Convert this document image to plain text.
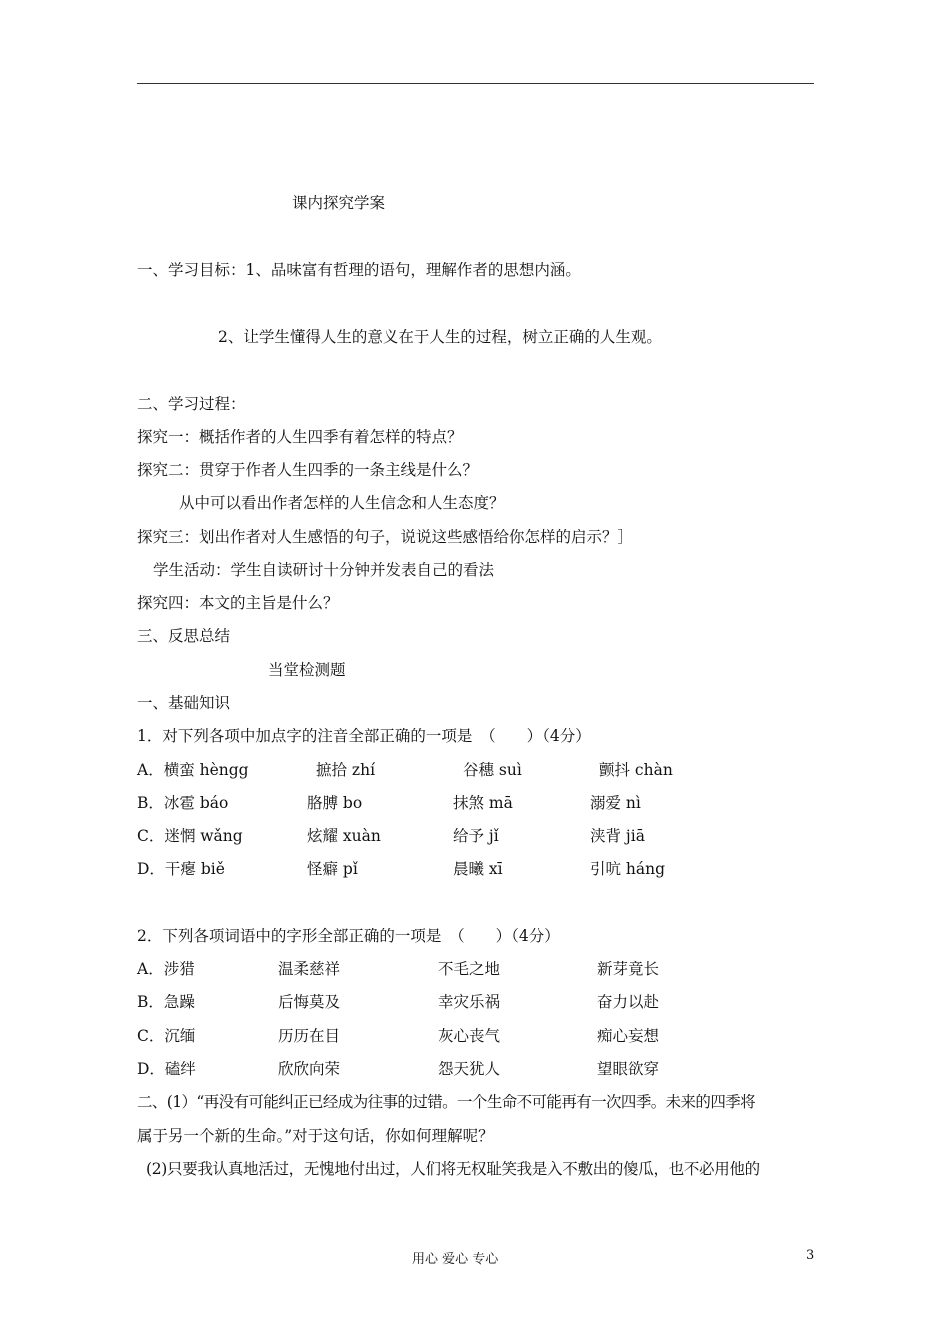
课内探究学案
一、学习目标：1、品味富有哲理的语句，理解作者的思想内涵。
2、让学生懂得人生的意义在于人生的过程，树立正确的人生观。
二、学习过程：
探究一：概括作者的人生四季有着怎样的特点？
探究二：贯穿于作者人生四季的一条主线是什么？
从中可以看出作者怎样的人生信念和人生态度？
探究三：划出作者对人生感悟的句子，说说这些感悟给你怎样的启示？］
学生活动：学生自读研讨十分钟并发表自己的看法
探究四：本文的主旨是什么？
三、反思总结
当堂检测题
一、基础知识
1．对下列各项中加点字的注音全部正确的一项是　（　　）（4分）
A．横蛮 hèngg	摭拾 zhí	谷穗 suì	颤抖 chàn
B．冰雹 báo	胳膊 bo	抹煞 mā	溺爱 nì
C．迷惘 wǎng	炫耀 xuàn	给予 jǐ	浃背 jiā
D．干瘪 biě	怪癖 pǐ	晨曦 xī	引吭 háng
2．下列各项词语中的字形全部正确的一项是　（　　）（4分）
A．涉猎	温柔慈祥	不毛之地	新芽竟长
B．急躁	后悔莫及	幸灾乐祸	奋力以赴
C．沉缅	历历在目	灰心丧气	痴心妄想
D．磕绊	欣欣向荣	怨天犹人	望眼欲穿
二、(1）“再没有可能纠正已经成为往事的过错。一个生命不可能再有一次四季。未来的四季将
属于另一个新的生命。”对于这句话，你如何理解呢？
(2)只要我认真地活过，无愧地付出过，人们将无权耻笑我是入不敷出的傻瓜，也不必用他的
用心 爱心 专心	3
